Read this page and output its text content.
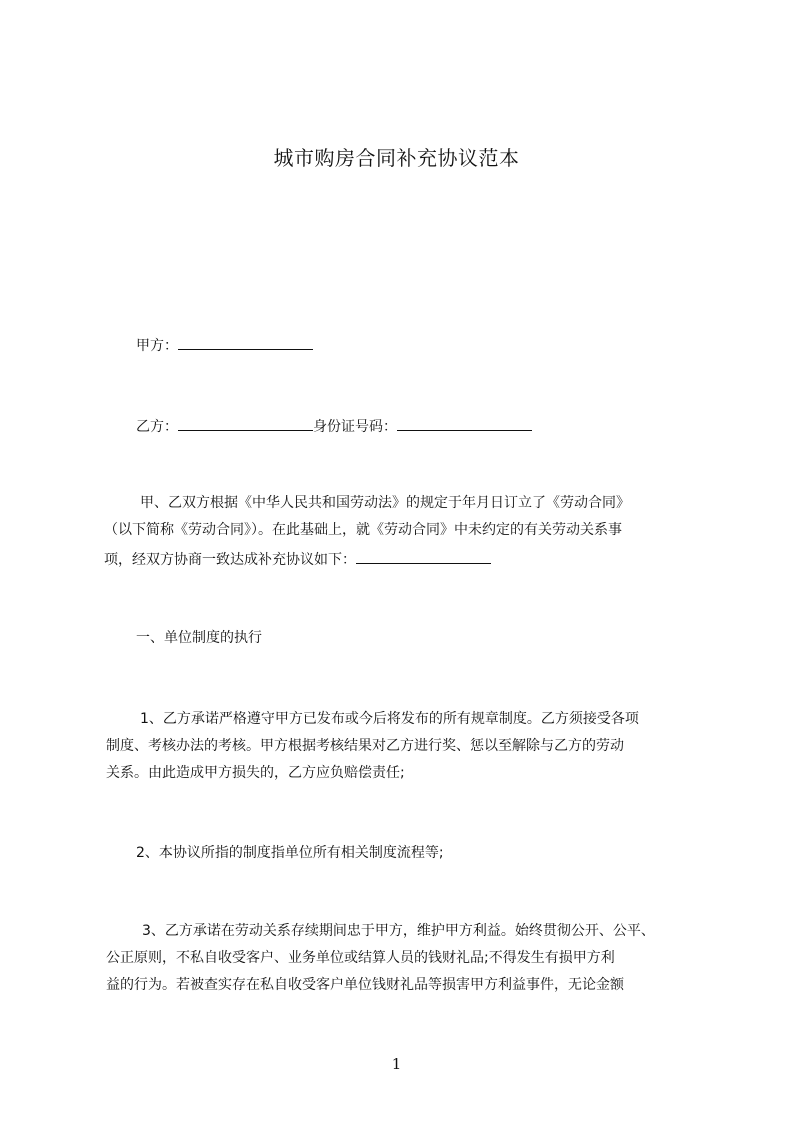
城市购房合同补充协议范本
甲方：
乙方：	身份证号码：
甲、乙双方根据《中华人民共和国劳动法》的规定于年月日订立了《劳动合同》
（以下简称《劳动合同》）。在此基础上，就《劳动合同》中未约定的有关劳动关系事
项，经双方协商一致达成补充协议如下：
一、单位制度的执行
1、乙方承诺严格遵守甲方已发布或今后将发布的所有规章制度。乙方须接受各项
制度、考核办法的考核。甲方根据考核结果对乙方进行奖、惩以至解除与乙方的劳动
关系。由此造成甲方损失的，乙方应负赔偿责任;
2、本协议所指的制度指单位所有相关制度流程等;
3、乙方承诺在劳动关系存续期间忠于甲方，维护甲方利益。始终贯彻公开、公平、
公正原则，不私自收受客户、业务单位或结算人员的钱财礼品;不得发生有损甲方利
益的行为。若被查实存在私自收受客户单位钱财礼品等损害甲方利益事件，无论金额
1
